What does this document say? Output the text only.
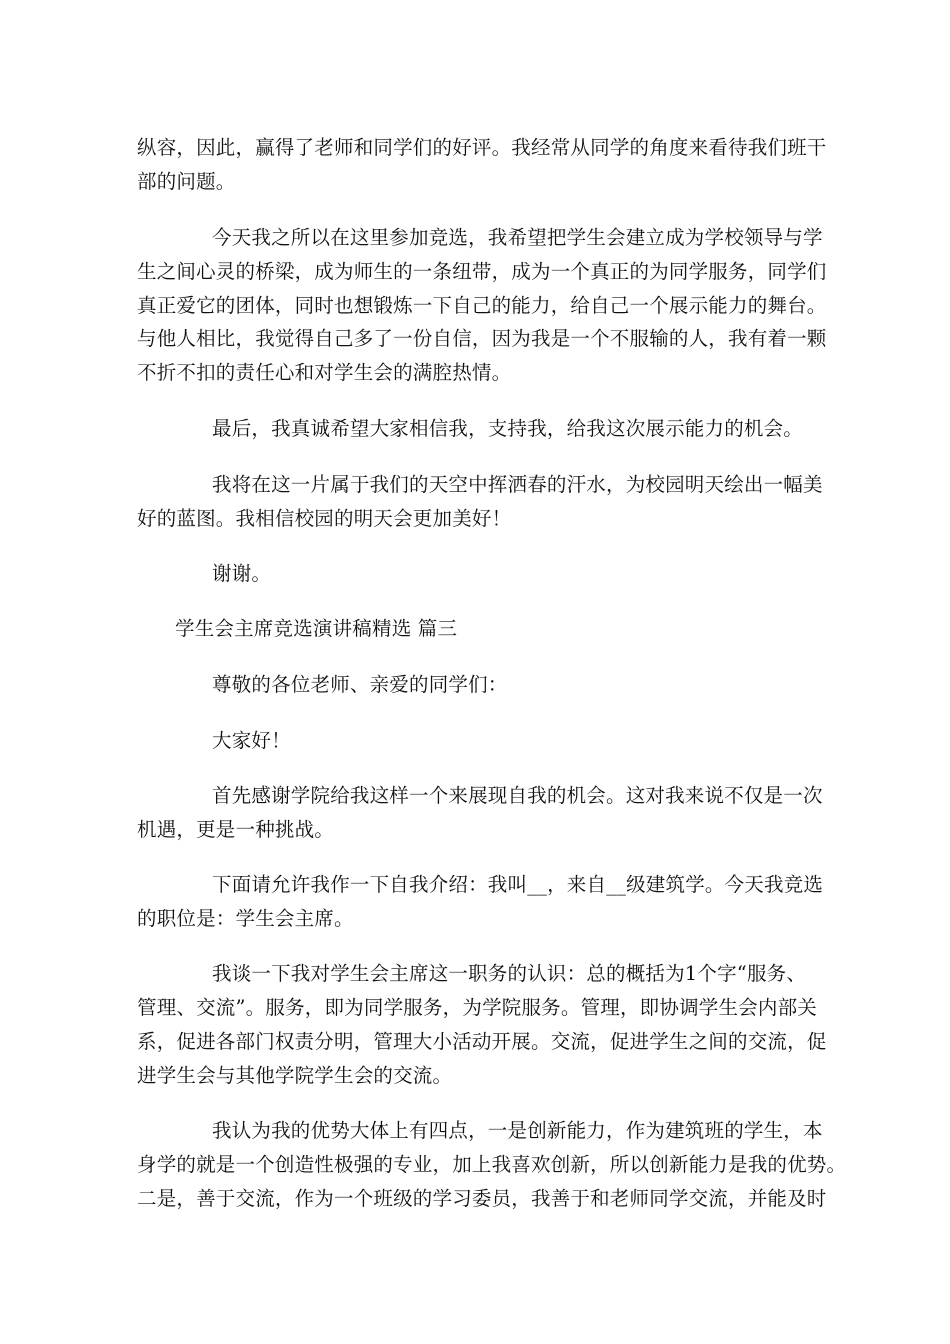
纵容，因此，赢得了老师和同学们的好评。我经常从同学的角度来看待我们班干
部的问题。
今天我之所以在这里参加竞选，我希望把学生会建立成为学校领导与学
生之间心灵的桥梁，成为师生的一条纽带，成为一个真正的为同学服务，同学们
真正爱它的团体，同时也想锻炼一下自己的能力，给自己一个展示能力的舞台。
与他人相比，我觉得自己多了一份自信，因为我是一个不服输的人，我有着一颗
不折不扣的责任心和对学生会的满腔热情。
最后，我真诚希望大家相信我，支持我，给我这次展示能力的机会。
我将在这一片属于我们的天空中挥洒春的汗水，为校园明天绘出一幅美
好的蓝图。我相信校园的明天会更加美好！
谢谢。
学生会主席竞选演讲稿精选 篇三
尊敬的各位老师、亲爱的同学们：
大家好！
首先感谢学院给我这样一个来展现自我的机会。这对我来说不仅是一次
机遇，更是一种挑战。
下面请允许我作一下自我介绍：我叫__，来自__级建筑学。今天我竞选
的职位是：学生会主席。
我谈一下我对学生会主席这一职务的认识：总的概括为1个字“服务、
管理、交流”。服务，即为同学服务，为学院服务。管理，即协调学生会内部关
系，促进各部门权责分明，管理大小活动开展。交流，促进学生之间的交流，促
进学生会与其他学院学生会的交流。
我认为我的优势大体上有四点，一是创新能力，作为建筑班的学生，本
身学的就是一个创造性极强的专业，加上我喜欢创新，所以创新能力是我的优势。
二是，善于交流，作为一个班级的学习委员，我善于和老师同学交流，并能及时
